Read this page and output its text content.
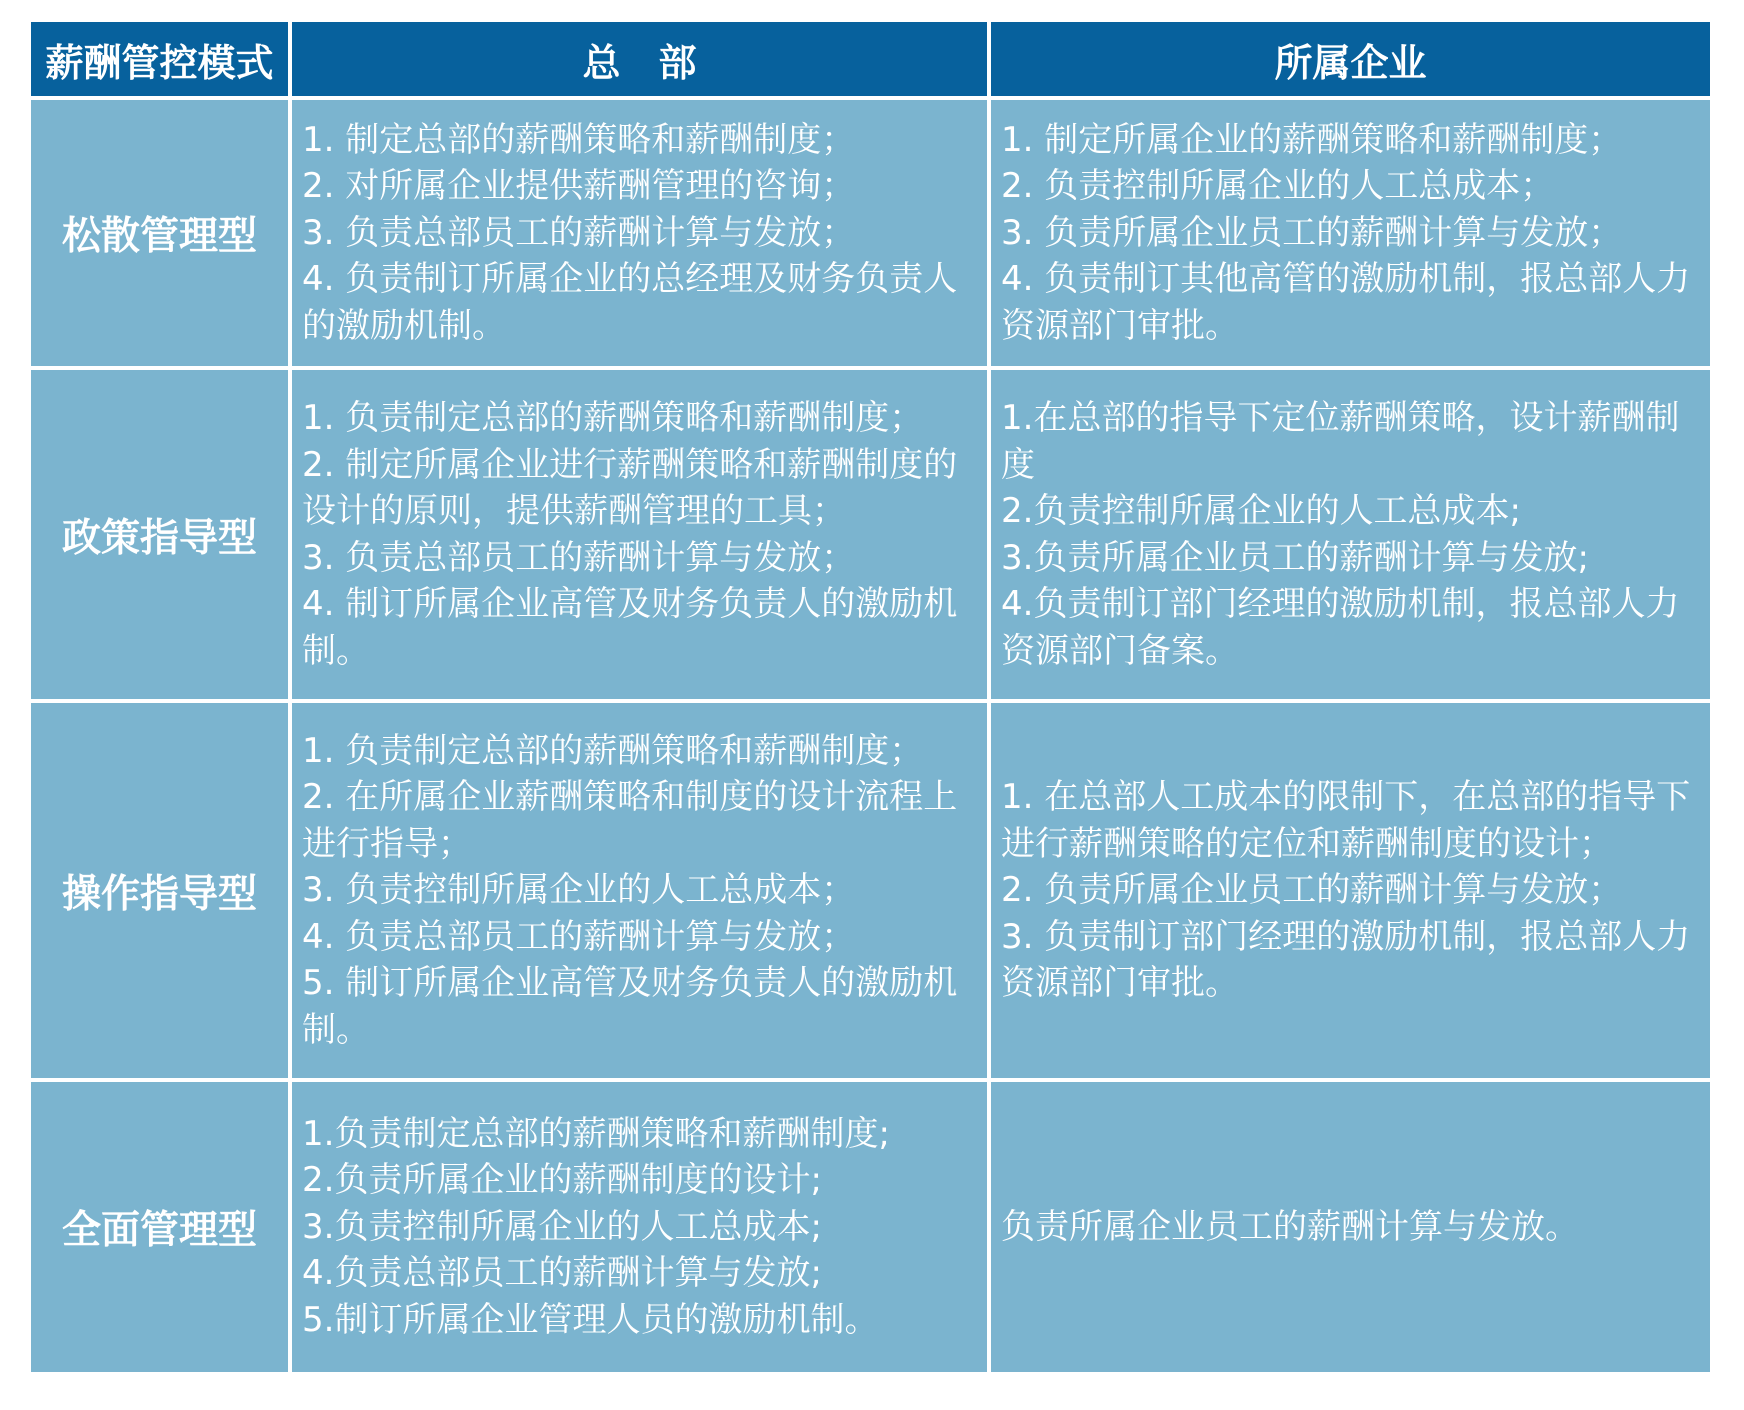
薪酬管控模式	总　部	所属企业
松散管理型
1. 制定总部的薪酬策略和薪酬制度；
2. 对所属企业提供薪酬管理的咨询；
3. 负责总部员工的薪酬计算与发放；
4. 负责制订所属企业的总经理及财务负责人的激励机制。
1. 制定所属企业的薪酬策略和薪酬制度；
2. 负责控制所属企业的人工总成本；
3. 负责所属企业员工的薪酬计算与发放；
4. 负责制订其他高管的激励机制，报总部人力资源部门审批。
政策指导型
1. 负责制定总部的薪酬策略和薪酬制度；
2. 制定所属企业进行薪酬策略和薪酬制度的设计的原则，提供薪酬管理的工具；
3. 负责总部员工的薪酬计算与发放；
4. 制订所属企业高管及财务负责人的激励机制。
1.在总部的指导下定位薪酬策略，设计薪酬制度
2.负责控制所属企业的人工总成本;
3.负责所属企业员工的薪酬计算与发放;
4.负责制订部门经理的激励机制，报总部人力资源部门备案。
操作指导型
1. 负责制定总部的薪酬策略和薪酬制度；
2. 在所属企业薪酬策略和制度的设计流程上进行指导；
3. 负责控制所属企业的人工总成本；
4. 负责总部员工的薪酬计算与发放；
5. 制订所属企业高管及财务负责人的激励机制。
1. 在总部人工成本的限制下，在总部的指导下进行薪酬策略的定位和薪酬制度的设计；
2. 负责所属企业员工的薪酬计算与发放；
3. 负责制订部门经理的激励机制，报总部人力资源部门审批。
全面管理型
1.负责制定总部的薪酬策略和薪酬制度;
2.负责所属企业的薪酬制度的设计;
3.负责控制所属企业的人工总成本;
4.负责总部员工的薪酬计算与发放;
5.制订所属企业管理人员的激励机制。
负责所属企业员工的薪酬计算与发放。
